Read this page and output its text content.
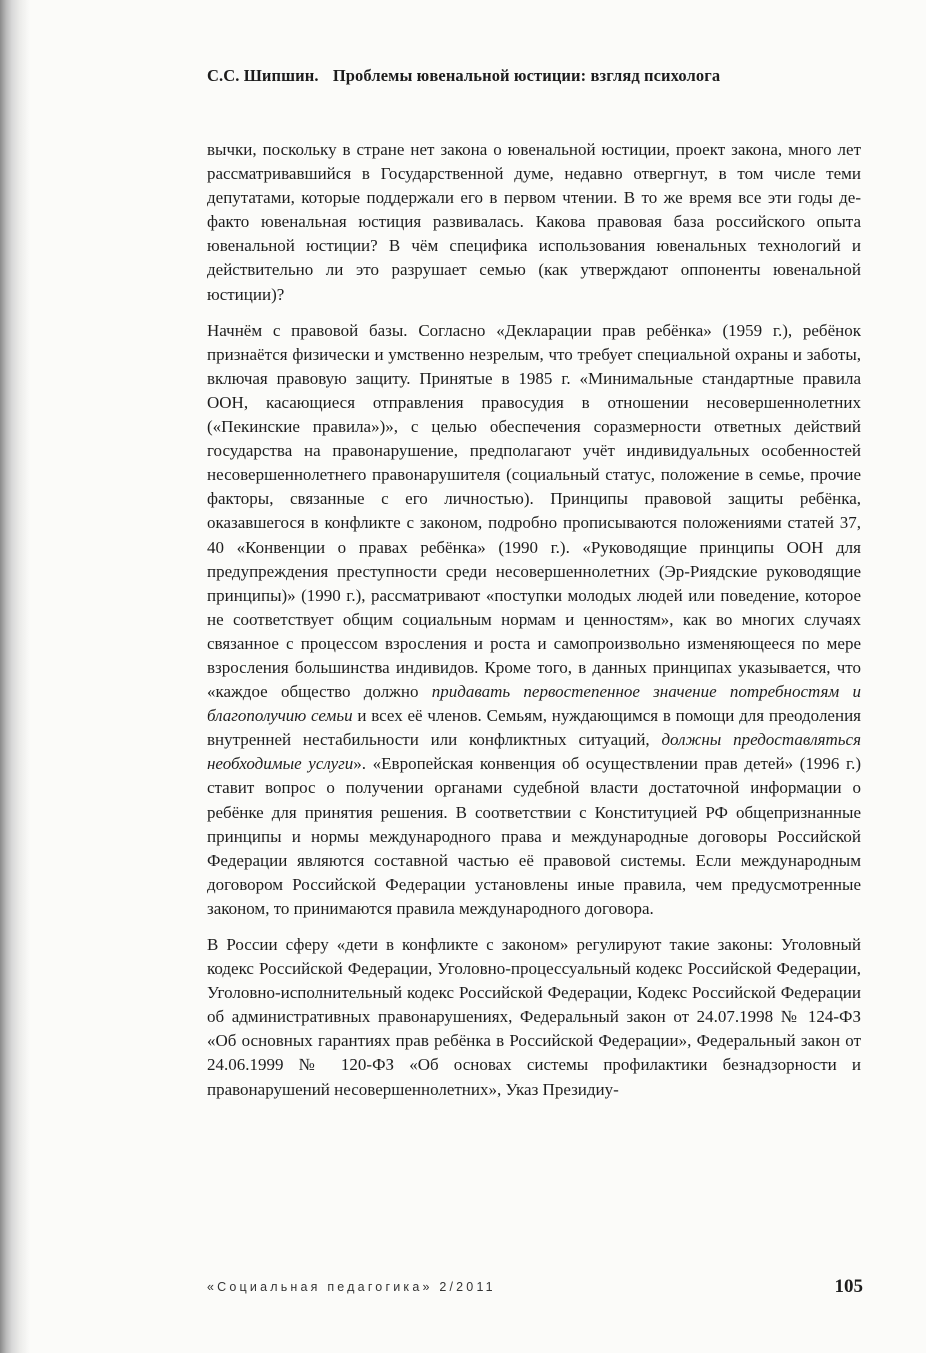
С.С. Шипшин. Проблемы ювенальной юстиции: взгляд психолога

вычки, поскольку в стране нет закона о ювенальной юстиции, проект закона, много лет рассматривавшийся в Государственной думе, недавно отвергнут, в том числе теми депутатами, которые поддержали его в первом чтении. В то же время все эти годы де-факто ювенальная юстиция развивалась. Какова правовая база российского опыта ювенальной юстиции? В чём специфика использования ювенальных технологий и действительно ли это разрушает семью (как утверждают оппоненты ювенальной юстиции)?

Начнём с правовой базы. Согласно «Декларации прав ребёнка» (1959 г.), ребёнок признаётся физически и умственно незрелым, что требует специальной охраны и заботы, включая правовую защиту. Принятые в 1985 г. «Минимальные стандартные правила ООН, касающиеся отправления правосудия в отношении несовершеннолетних («Пекинские правила»)», с целью обеспечения соразмерности ответных действий государства на правонарушение, предполагают учёт индивидуальных особенностей несовершеннолетнего правонарушителя (социальный статус, положение в семье, прочие факторы, связанные с его личностью). Принципы правовой защиты ребёнка, оказавшегося в конфликте с законом, подробно прописываются положениями статей 37, 40 «Конвенции о правах ребёнка» (1990 г.). «Руководящие принципы ООН для предупреждения преступности среди несовершеннолетних (Эр-Риядские руководящие принципы)» (1990 г.), рассматривают «поступки молодых людей или поведение, которое не соответствует общим социальным нормам и ценностям», как во многих случаях связанное с процессом взросления и роста и самопроизвольно изменяющееся по мере взросления большинства индивидов. Кроме того, в данных принципах указывается, что «каждое общество должно придавать первостепенное значение потребностям и благополучию семьи и всех её членов. Семьям, нуждающимся в помощи для преодоления внутренней нестабильности или конфликтных ситуаций, должны предоставляться необходимые услуги». «Европейская конвенция об осуществлении прав детей» (1996 г.) ставит вопрос о получении органами судебной власти достаточной информации о ребёнке для принятия решения. В соответствии с Конституцией РФ общепризнанные принципы и нормы международного права и международные договоры Российской Федерации являются составной частью её правовой системы. Если международным договором Российской Федерации установлены иные правила, чем предусмотренные законом, то принимаются правила международного договора.

В России сферу «дети в конфликте с законом» регулируют такие законы: Уголовный кодекс Российской Федерации, Уголовно-процессуальный кодекс Российской Федерации, Уголовно-исполнительный кодекс Российской Федерации, Кодекс Российской Федерации об административных правонарушениях, Федеральный закон от 24.07.1998 № 124-ФЗ «Об основных гарантиях прав ребёнка в Российской Федерации», Федеральный закон от 24.06.1999 № 120-ФЗ «Об основах системы профилактики безнадзорности и правонарушений несовершеннолетних», Указ Президиу-

«Социальная педагогика» 2/2011	105
